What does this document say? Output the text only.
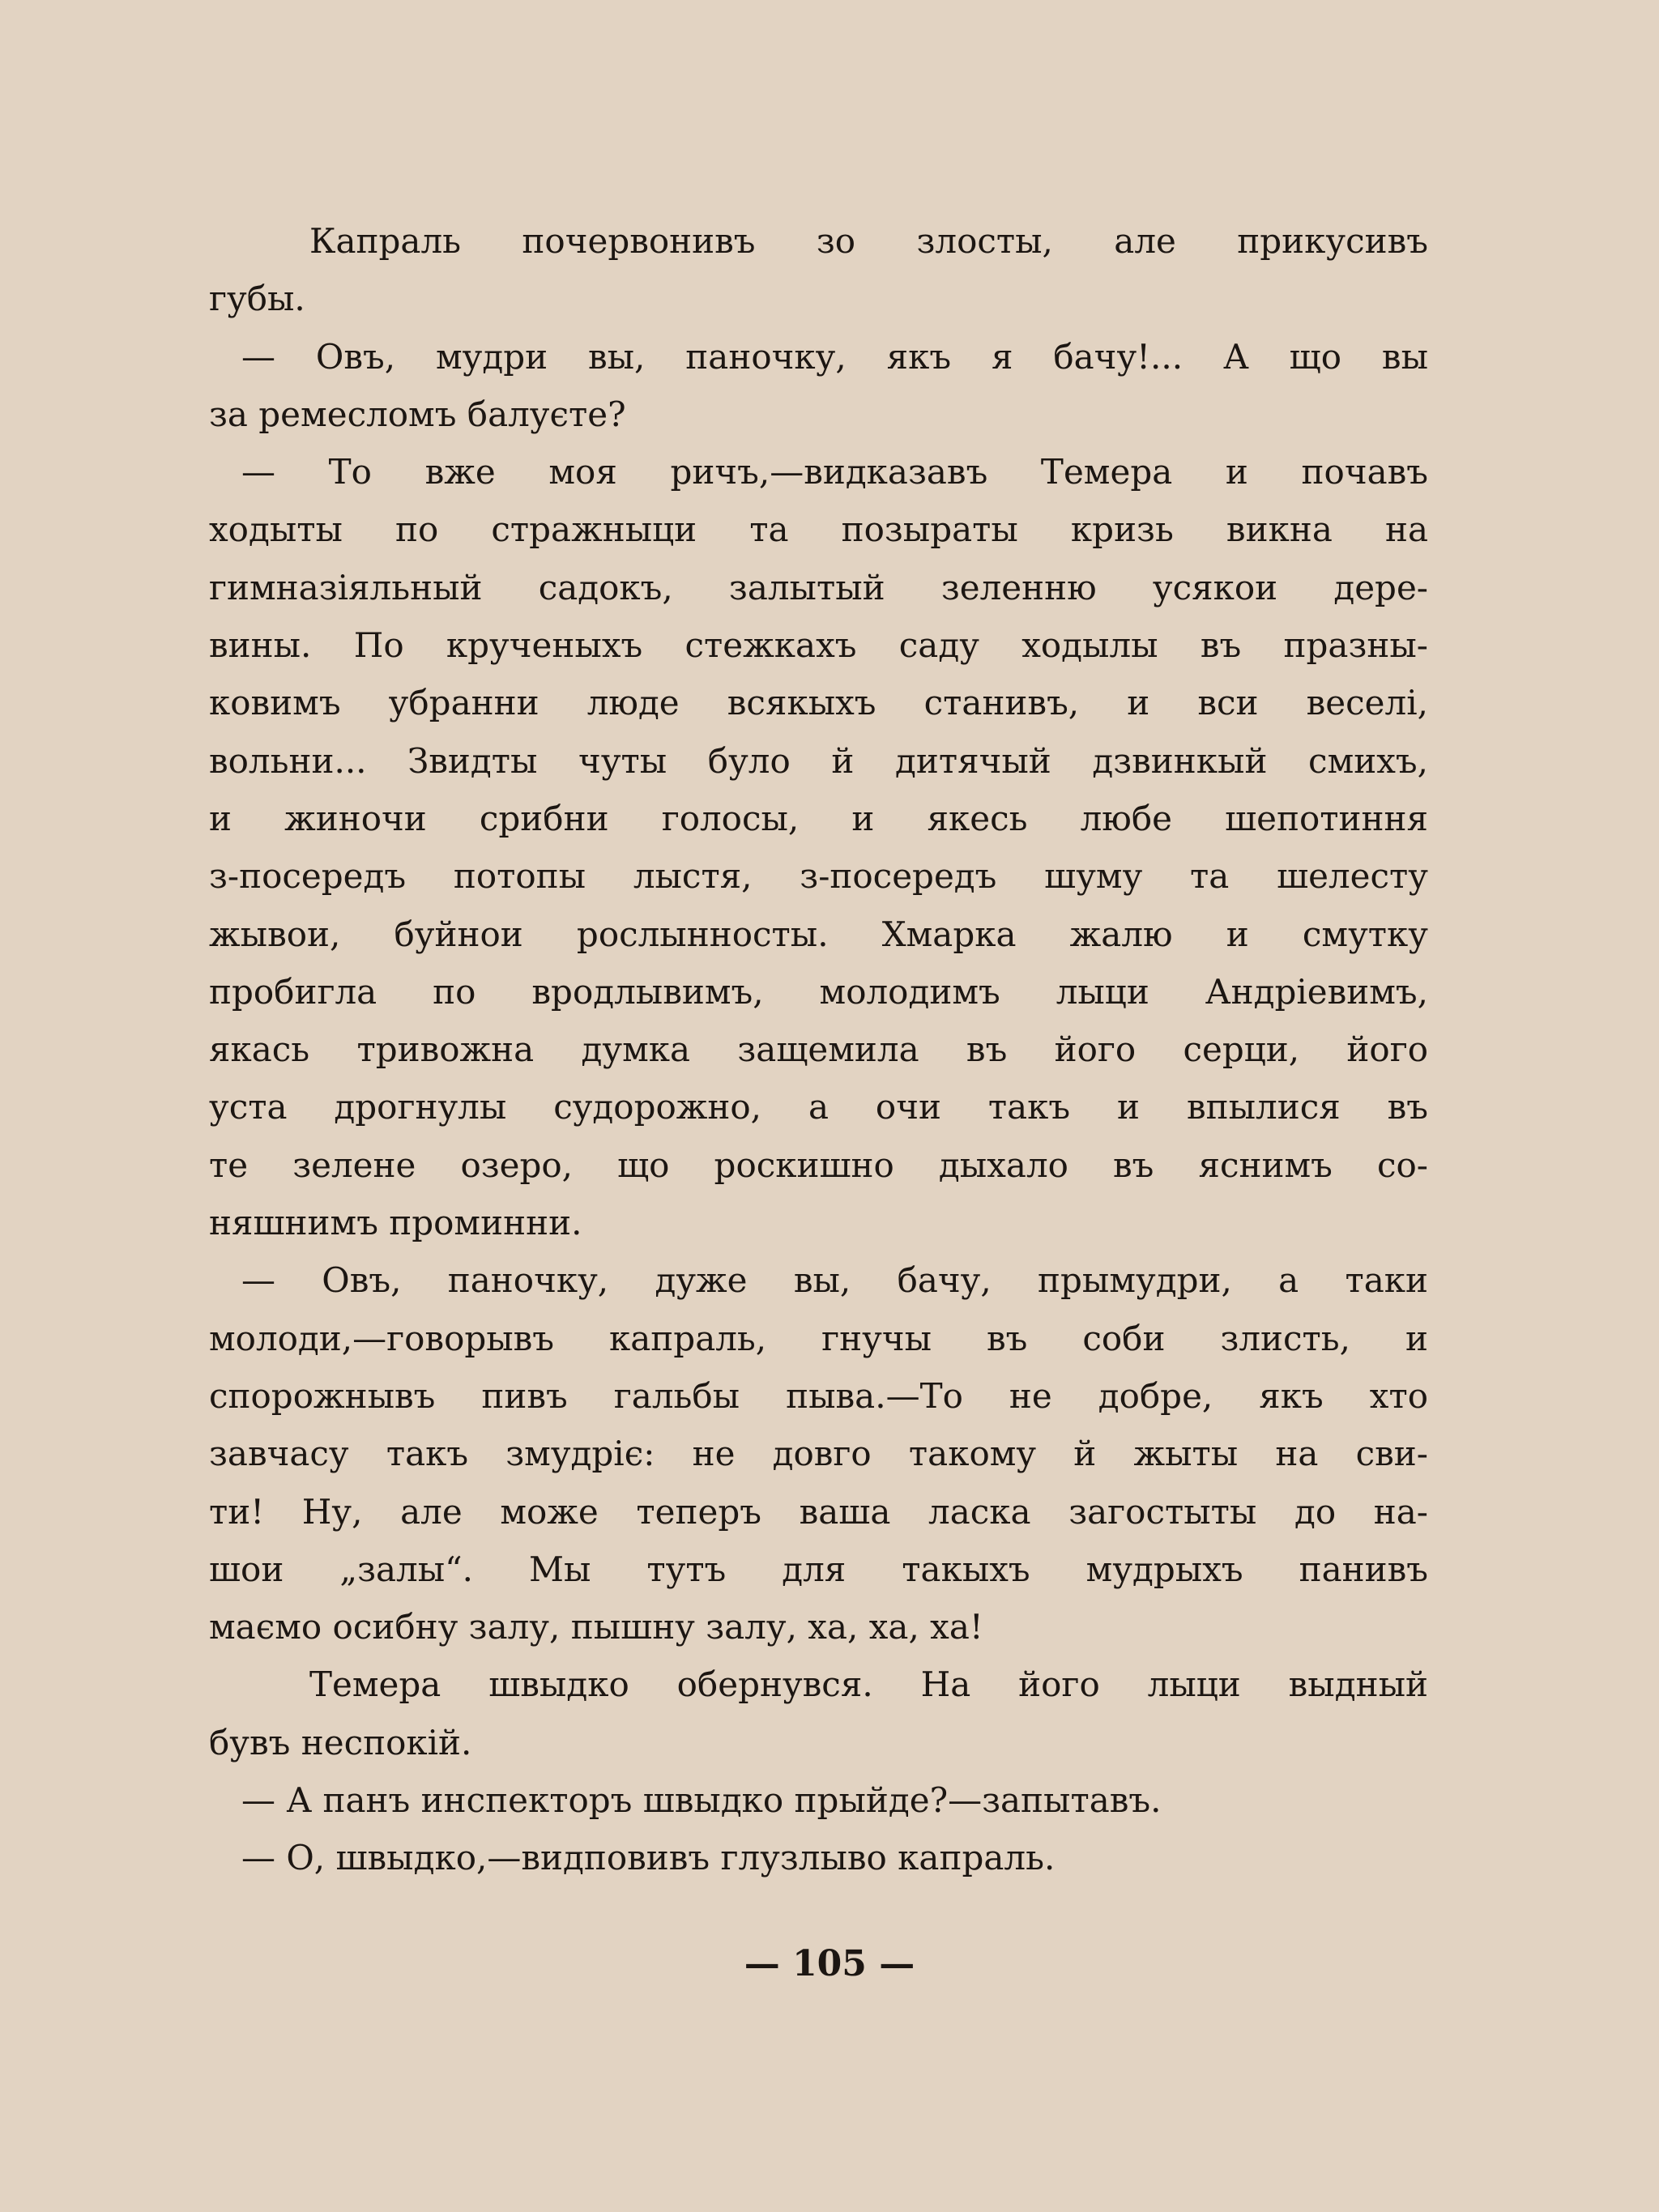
Капраль почервонивъ зо злосты, але прикусивъ
губы.
— Овъ, мудри вы, паночку, якъ я бачу!... А що вы
за ремесломъ балуєте?
— То вже моя ричъ,—видказавъ Темера и почавъ
ходыты по стражныци та позыраты кризь викна на
гимназіяльный садокъ, залытый зеленню усякои дере-
вины. По крученыхъ стежкахъ саду ходылы въ празны-
ковимъ убранни люде всякыхъ станивъ, и вси веселі,
вольни... Звидты чуты було й дитячый дзвинкый смихъ,
и жиночи срибни голосы, и якесь любе шепотиння
з-посередъ потопы лыстя, з-посередъ шуму та шелесту
жывои, буйнои рослынносты. Хмарка жалю и смутку
пробигла по вродлывимъ, молодимъ лыци Андріевимъ,
якась тривожна думка защемила въ його серци, його
уста дрогнулы судорожно, а очи такъ и впылися въ
те зелене озеро, що роскишно дыхало въ яснимъ со-
няшнимъ проминни.
— Овъ, паночку, дуже вы, бачу, прымудри, а таки
молоди,—говорывъ капраль, гнучы въ соби злисть, и
спорожнывъ пивъ гальбы пыва.—То не добре, якъ хто
завчасу такъ змудріє: не довго такому й жыты на сви-
ти! Ну, але може теперъ ваша ласка загостыты до на-
шои „залы“. Мы тутъ для такыхъ мудрыхъ панивъ
маємо осибну залу, пышну залу, ха, ха, ха!
Темера швыдко обернувся. На його лыци выдный
бувъ неспокій.
— А панъ инспекторъ швыдко прыйде?—запытавъ.
— О, швыдко,—видповивъ глузлыво капраль.
— 105 —
